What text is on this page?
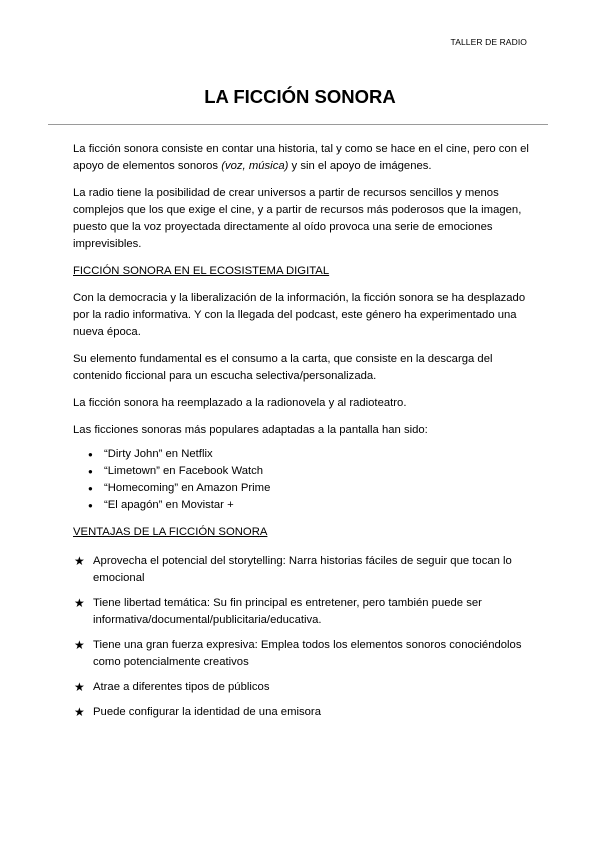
TALLER DE RADIO
LA FICCIÓN SONORA

La ficción sonora consiste en contar una historia, tal y como se hace en el cine, pero con el apoyo de elementos sonoros (voz, música) y sin el apoyo de imágenes.

La radio tiene la posibilidad de crear universos a partir de recursos sencillos y menos complejos que los que exige el cine, y a partir de recursos más poderosos que la imagen, puesto que la voz proyectada directamente al oído provoca una serie de emociones imprevisibles.

FICCIÓN SONORA EN EL ECOSISTEMA DIGITAL

Con la democracia y la liberalización de la información, la ficción sonora se ha desplazado por la radio informativa. Y con la llegada del podcast, este género ha experimentado una nueva época.

Su elemento fundamental es el consumo a la carta, que consiste en la descarga del contenido ficcional para un escucha selectiva/personalizada.

La ficción sonora ha reemplazado a la radionovela y al radioteatro.

Las ficciones sonoras más populares adaptadas a la pantalla han sido:

● “Dirty John” en Netflix
● “Limetown” en Facebook Watch
● “Homecoming” en Amazon Prime
● “El apagón” en Movistar +

VENTAJAS DE LA FICCIÓN SONORA

★ Aprovecha el potencial del storytelling: Narra historias fáciles de seguir que tocan lo emocional
★ Tiene libertad temática: Su fin principal es entretener, pero también puede ser informativa/documental/publicitaria/educativa.
★ Tiene una gran fuerza expresiva: Emplea todos los elementos sonoros conociéndolos como potencialmente creativos
★ Atrae a diferentes tipos de públicos
★ Puede configurar la identidad de una emisora
